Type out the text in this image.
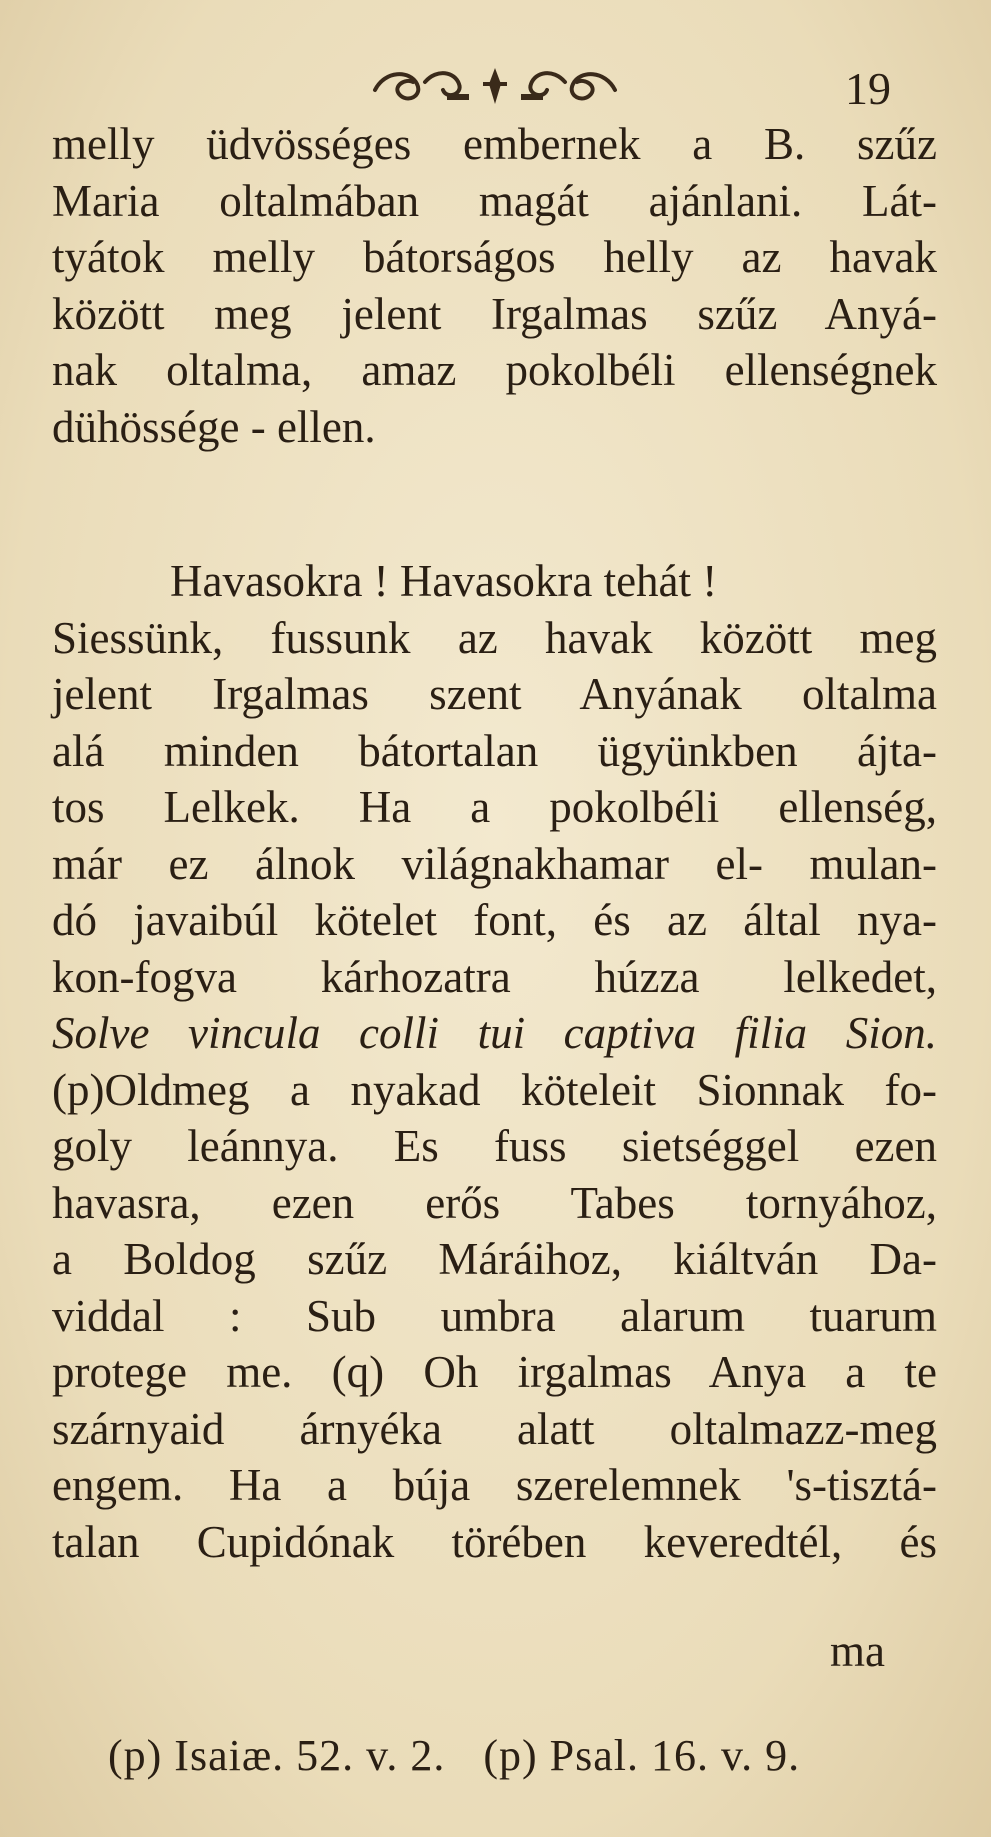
19
melly üdvösséges embernek a B. szűz
Maria oltalmában magát ajánlani. Lát-
tyátok melly bátorságos helly az havak
között meg jelent Irgalmas szűz Anyá-
nak oltalma, amaz pokolbéli ellenségnek
dühössége - ellen.
Havasokra ! Havasokra tehát !
Siessünk, fussunk az havak között meg
jelent Irgalmas szent Anyának oltalma
alá minden bátortalan ügyünkben ájta-
tos Lelkek. Ha a pokolbéli ellenség,
már ez álnok világnakhamar el- mulan-
dó javaibúl kötelet font, és az által nya-
kon-fogva kárhozatra húzza lelkedet,
Solve vincula colli tui captiva filia Sion.
(p)Oldmeg a nyakad köteleit Sionnak fo-
goly leánnya. Es fuss sietséggel ezen
havasra, ezen erős Tabes tornyához,
a Boldog szűz Máráihoz, kiáltván Da-
viddal : Sub umbra alarum tuarum
protege me. (q) Oh irgalmas Anya a te
szárnyaid árnyéka alatt oltalmazz-meg
engem. Ha a búja szerelemnek 's-tisztá-
talan Cupidónak törében keveredtél, és
ma
(p) Isaiæ. 52. v. 2. (p) Psal. 16. v. 9.
